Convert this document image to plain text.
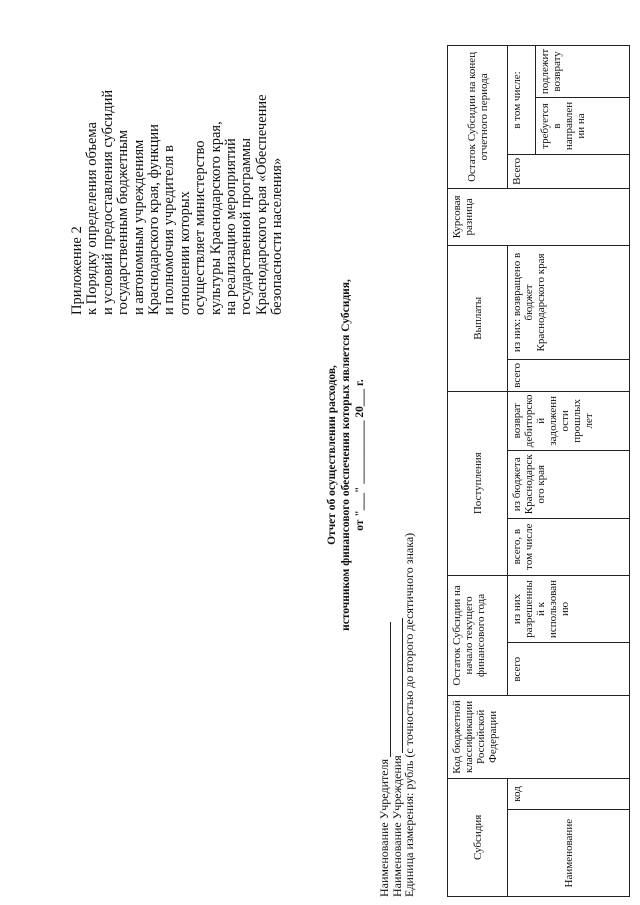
Приложение 2 к Порядку определения объема и условий предоставления субсидий государственным бюджетным и автономным учреждениям Краснодарского края, функции и полномочия учредителя в отношении которых осуществляет министерство культуры Краснодарского края, на реализацию мероприятий государственной программы Краснодарского края «Обеспечение безопасности населения»
Отчет об осуществлении расходов, источником финансового обеспечения которых является Субсидия, от "___" ___________ 20___ г.
Наименование Учредителя
Наименование Учреждения
Единица измерения: рубль (с точностью до второго десятичного знака)	Субсидия		Код бюджетной классификации Российской Федерации	Остаток Субсидии на начало текущего финансового года		Поступления			Выплаты		Курсовая разница	Остаток Субсидии на конец отчетного периода		
Наименование	код		всего	из них разрешенный к использованию	всего, в том числе	из бюджета Краснодарского края	возврат дебиторской задолженности прошлых лет	всего	из них: возвращено в бюджет Краснодарского края		Всего	в том числе:	
												требуется в направлении на	подлежит возврату
